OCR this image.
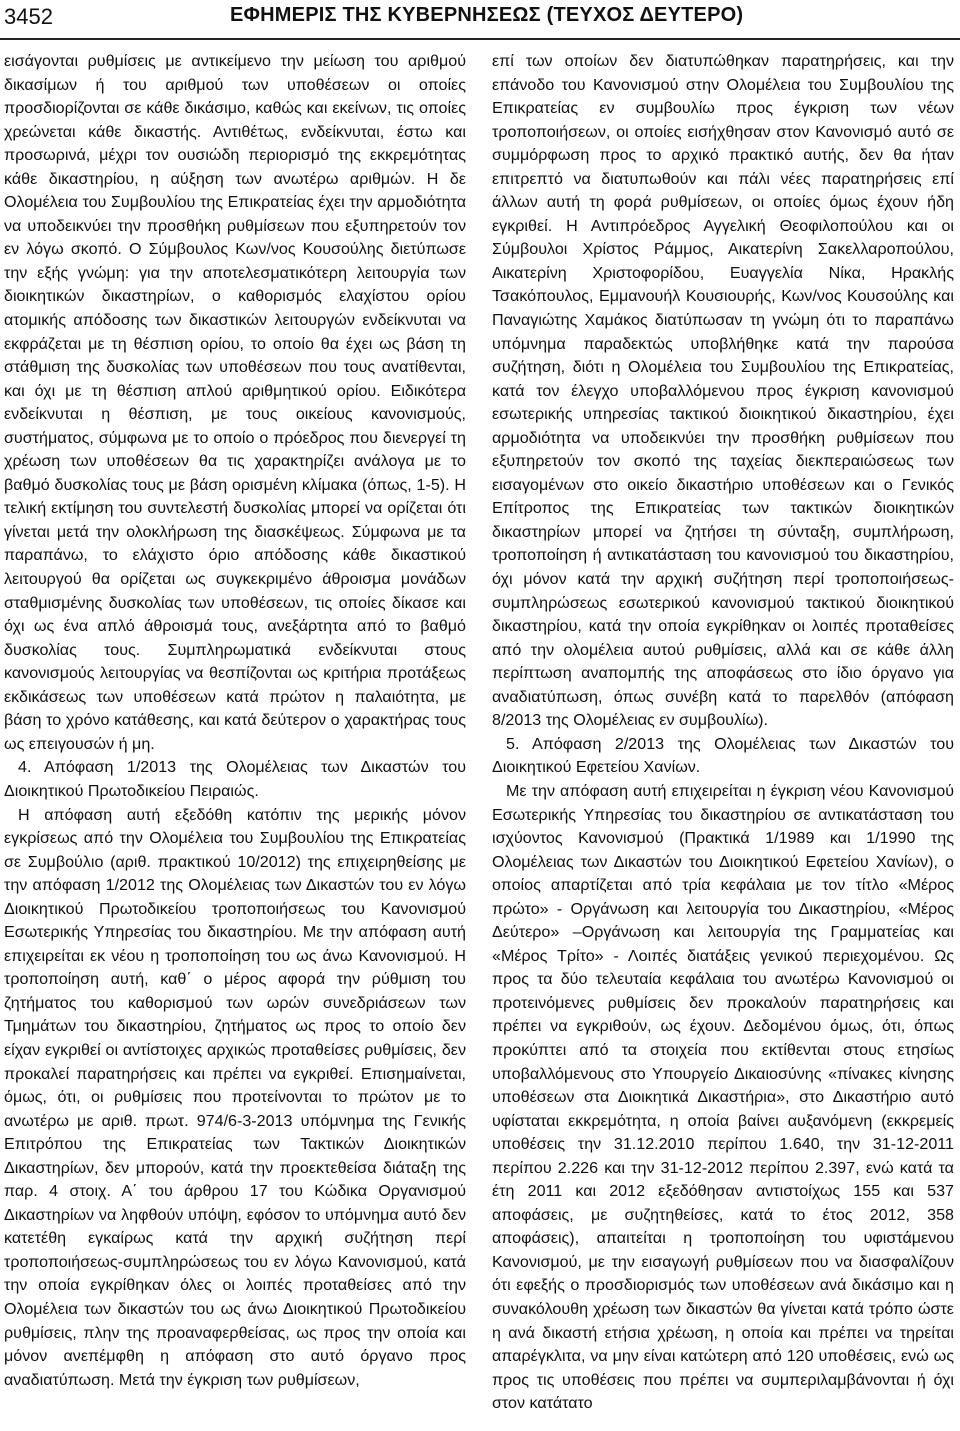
3452	ΕΦΗΜΕΡΙΣ ΤΗΣ ΚΥΒΕΡΝΗΣΕΩΣ (ΤΕΥΧΟΣ ΔΕΥΤΕΡΟ)

εισάγονται ρυθμίσεις με αντικείμενο την μείωση του αριθμού δικασίμων ή του αριθμού των υποθέσεων οι οποίες προσδιορίζονται σε κάθε δικάσιμο, καθώς και εκείνων, τις οποίες χρεώνεται κάθε δικαστής. Αντιθέτως, ενδείκνυται, έστω και προσωρινά, μέχρι τον ουσιώδη περιορισμό της εκκρεμότητας κάθε δικαστηρίου, η αύξηση των ανωτέρω αριθμών. Η δε Ολομέλεια του Συμβουλίου της Επικρατείας έχει την αρμοδιότητα να υποδεικνύει την προσθήκη ρυθμίσεων που εξυπηρετούν τον εν λόγω σκοπό. Ο Σύμβουλος Κων/νος Κουσούλης διετύπωσε την εξής γνώμη: για την αποτελεσματικότερη λειτουργία των διοικητικών δικαστηρίων, ο καθορισμός ελαχίστου ορίου ατομικής απόδοσης των δικαστικών λειτουργών ενδείκνυται να εκφράζεται με τη θέσπιση ορίου, το οποίο θα έχει ως βάση τη στάθμιση της δυσκολίας των υποθέσεων που τους ανατίθενται, και όχι με τη θέσπιση απλού αριθμητικού ορίου. Ειδικότερα ενδείκνυται η θέσπιση, με τους οικείους κανονισμούς, συστήματος, σύμφωνα με το οποίο ο πρόεδρος που διενεργεί τη χρέωση των υποθέσεων θα τις χαρακτηρίζει ανάλογα με το βαθμό δυσκολίας τους με βάση ορισμένη κλίμακα (όπως, 1-5). Η τελική εκτίμηση του συντελεστή δυσκολίας μπορεί να ορίζεται ότι γίνεται μετά την ολοκλήρωση της διασκέψεως. Σύμφωνα με τα παραπάνω, το ελάχιστο όριο απόδοσης κάθε δικαστικού λειτουργού θα ορίζεται ως συγκεκριμένο άθροισμα μονάδων σταθμισμένης δυσκολίας των υποθέσεων, τις οποίες δίκασε και όχι ως ένα απλό άθροισμά τους, ανεξάρτητα από το βαθμό δυσκολίας τους. Συμπληρωματικά ενδείκνυται στους κανονισμούς λειτουργίας να θεσπίζονται ως κριτήρια προτάξεως εκδικάσεως των υποθέσεων κατά πρώτον η παλαιότητα, με βάση το χρόνο κατάθεσης, και κατά δεύτερον ο χαρακτήρας τους ως επειγουσών ή μη.

4. Απόφαση 1/2013 της Ολομέλειας των Δικαστών του Διοικητικού Πρωτοδικείου Πειραιώς.

Η απόφαση αυτή εξεδόθη κατόπιν της μερικής μόνον εγκρίσεως από την Ολομέλεια του Συμβουλίου της Επικρατείας σε Συμβούλιο (αριθ. πρακτικού 10/2012) της επιχειρηθείσης με την απόφαση 1/2012 της Ολομέλειας των Δικαστών του εν λόγω Διοικητικού Πρωτοδικείου τροποποιήσεως του Κανονισμού Εσωτερικής Υπηρεσίας του δικαστηρίου. Με την απόφαση αυτή επιχειρείται εκ νέου η τροποποίηση του ως άνω Κανονισμού. Η τροποποίηση αυτή, καθ΄ ο μέρος αφορά την ρύθμιση του ζητήματος του καθορισμού των ωρών συνεδριάσεων των Τμημάτων του δικαστηρίου, ζητήματος ως προς το οποίο δεν είχαν εγκριθεί οι αντίστοιχες αρχικώς προταθείσες ρυθμίσεις, δεν προκαλεί παρατηρήσεις και πρέπει να εγκριθεί. Επισημαίνεται, όμως, ότι, οι ρυθμίσεις που προτείνονται το πρώτον με το ανωτέρω με αριθ. πρωτ. 974/6-3-2013 υπόμνημα της Γενικής Επιτρόπου της Επικρατείας των Τακτικών Διοικητικών Δικαστηρίων, δεν μπορούν, κατά την προεκτεθείσα διάταξη της παρ. 4 στοιχ. Α΄ του άρθρου 17 του Κώδικα Οργανισμού Δικαστηρίων να ληφθούν υπόψη, εφόσον το υπόμνημα αυτό δεν κατετέθη εγκαίρως κατά την αρχική συζήτηση περί τροποποιήσεως-συμπληρώσεως του εν λόγω Κανονισμού, κατά την οποία εγκρίθηκαν όλες οι λοιπές προταθείσες από την Ολομέλεια των δικαστών του ως άνω Διοικητικού Πρωτοδικείου ρυθμίσεις, πλην της προαναφερθείσας, ως προς την οποία και μόνον ανεπέμφθη η απόφαση στο αυτό όργανο προς αναδιατύπωση. Μετά την έγκριση των ρυθμίσεων,

επί των οποίων δεν διατυπώθηκαν παρατηρήσεις, και την επάνοδο του Κανονισμού στην Ολομέλεια του Συμβουλίου της Επικρατείας εν συμβουλίω προς έγκριση των νέων τροποποιήσεων, οι οποίες εισήχθησαν στον Κανονισμό αυτό σε συμμόρφωση προς το αρχικό πρακτικό αυτής, δεν θα ήταν επιτρεπτό να διατυπωθούν και πάλι νέες παρατηρήσεις επί άλλων αυτή τη φορά ρυθμίσεων, οι οποίες όμως έχουν ήδη εγκριθεί. Η Αντιπρόεδρος Αγγελική Θεοφιλοπούλου και οι Σύμβουλοι Χρίστος Ράμμος, Αικατερίνη Σακελλαροπούλου, Αικατερίνη Χριστοφορίδου, Ευαγγελία Νίκα, Ηρακλής Τσακόπουλος, Εμμανουήλ Κουσιουρής, Κων/νος Κουσούλης και Παναγιώτης Χαμάκος διατύπωσαν τη γνώμη ότι το παραπάνω υπόμνημα παραδεκτώς υποβλήθηκε κατά την παρούσα συζήτηση, διότι η Ολομέλεια του Συμβουλίου της Επικρατείας, κατά τον έλεγχο υποβαλλόμενου προς έγκριση κανονισμού εσωτερικής υπηρεσίας τακτικού διοικητικού δικαστηρίου, έχει αρμοδιότητα να υποδεικνύει την προσθήκη ρυθμίσεων που εξυπηρετούν τον σκοπό της ταχείας διεκπεραιώσεως των εισαγομένων στο οικείο δικαστήριο υποθέσεων και ο Γενικός Επίτροπος της Επικρατείας των τακτικών διοικητικών δικαστηρίων μπορεί να ζητήσει τη σύνταξη, συμπλήρωση, τροποποίηση ή αντικατάσταση του κανονισμού του δικαστηρίου, όχι μόνον κατά την αρχική συζήτηση περί τροποποιήσεως-συμπληρώσεως εσωτερικού κανονισμού τακτικού διοικητικού δικαστηρίου, κατά την οποία εγκρίθηκαν οι λοιπές προταθείσες από την ολομέλεια αυτού ρυθμίσεις, αλλά και σε κάθε άλλη περίπτωση αναπομπής της αποφάσεως στο ίδιο όργανο για αναδιατύπωση, όπως συνέβη κατά το παρελθόν (απόφαση 8/2013 της Ολομέλειας εν συμβουλίω).

5. Απόφαση 2/2013 της Ολομέλειας των Δικαστών του Διοικητικού Εφετείου Χανίων.

Με την απόφαση αυτή επιχειρείται η έγκριση νέου Κανονισμού Εσωτερικής Υπηρεσίας του δικαστηρίου σε αντικατάσταση του ισχύοντος Κανονισμού (Πρακτικά 1/1989 και 1/1990 της Ολομέλειας των Δικαστών του Διοικητικού Εφετείου Χανίων), ο οποίος απαρτίζεται από τρία κεφάλαια με τον τίτλο «Μέρος πρώτο» - Οργάνωση και λειτουργία του Δικαστηρίου, «Μέρος Δεύτερο» –Οργάνωση και λειτουργία της Γραμματείας και «Μέρος Τρίτο» - Λοιπές διατάξεις γενικού περιεχομένου. Ως προς τα δύο τελευταία κεφάλαια του ανωτέρω Κανονισμού οι προτεινόμενες ρυθμίσεις δεν προκαλούν παρατηρήσεις και πρέπει να εγκριθούν, ως έχουν. Δεδομένου όμως, ότι, όπως προκύπτει από τα στοιχεία που εκτίθενται στους ετησίως υποβαλλόμενους στο Υπουργείο Δικαιοσύνης «πίνακες κίνησης υποθέσεων στα Διοικητικά Δικαστήρια», στο Δικαστήριο αυτό υφίσταται εκκρεμότητα, η οποία βαίνει αυξανόμενη (εκκρεμείς υποθέσεις την 31.12.2010 περίπου 1.640, την 31-12-2011 περίπου 2.226 και την 31-12-2012 περίπου 2.397, ενώ κατά τα έτη 2011 και 2012 εξεδόθησαν αντιστοίχως 155 και 537 αποφάσεις, με συζητηθείσες, κατά το έτος 2012, 358 αποφάσεις), απαιτείται η τροποποίηση του υφιστάμενου Κανονισμού, με την εισαγωγή ρυθμίσεων που να διασφαλίζουν ότι εφεξής ο προσδιορισμός των υποθέσεων ανά δικάσιμο και η συνακόλουθη χρέωση των δικαστών θα γίνεται κατά τρόπο ώστε η ανά δικαστή ετήσια χρέωση, η οποία και πρέπει να τηρείται απαρέγκλιτα, να μην είναι κατώτερη από 120 υποθέσεις, ενώ ως προς τις υποθέσεις που πρέπει να συμπεριλαμβάνονται ή όχι στον κατάτατο
